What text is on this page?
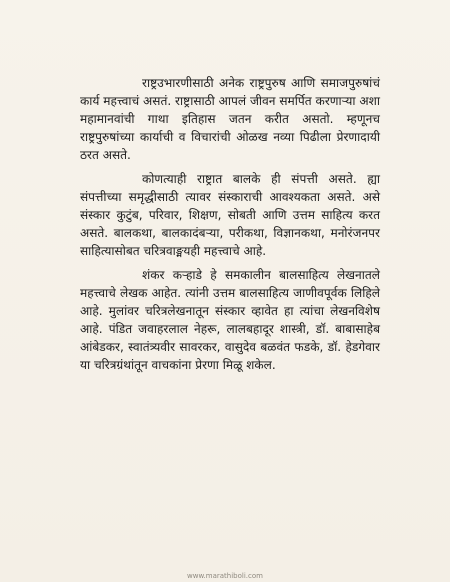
राष्ट्रउभारणीसाठी अनेक राष्ट्रपुरुष आणि समाजपुरुषांचं कार्य महत्त्वाचं असतं. राष्ट्रासाठी आपलं जीवन समर्पित करणाऱ्या अशा महामानवांची गाथा इतिहास जतन करीत असतो. म्हणूनच राष्ट्रपुरुषांच्या कार्याची व विचारांची ओळख नव्या पिढीला प्रेरणादायी ठरत असते.

कोणत्याही राष्ट्रात बालके ही संपत्ती असते. ह्या संपत्तीच्या समृद्धीसाठी त्यावर संस्काराची आवश्यकता असते. असे संस्कार कुटुंब, परिवार, शिक्षण, सोबती आणि उत्तम साहित्य करत असते. बालकथा, बालकादंबऱ्या, परीकथा, विज्ञानकथा, मनोरंजनपर साहित्यासोबत चरित्रवाङ्मयही महत्त्वाचे आहे.

शंकर कऱ्हाडे हे समकालीन बालसाहित्य लेखनातले महत्त्वाचे लेखक आहेत. त्यांनी उत्तम बालसाहित्य जाणीवपूर्वक लिहिले आहे. मुलांवर चरित्रलेखनातून संस्कार व्हावेत हा त्यांचा लेखनविशेष आहे. पंडित जवाहरलाल नेहरू, लालबहादूर शास्त्री, डॉ. बाबासाहेब आंबेडकर, स्वातंत्र्यवीर सावरकर, वासुदेव बळवंत फडके, डॉ. हेडगेवार या चरित्रग्रंथांतून वाचकांना प्रेरणा मिळू शकेल.

www.marathiboli.com
